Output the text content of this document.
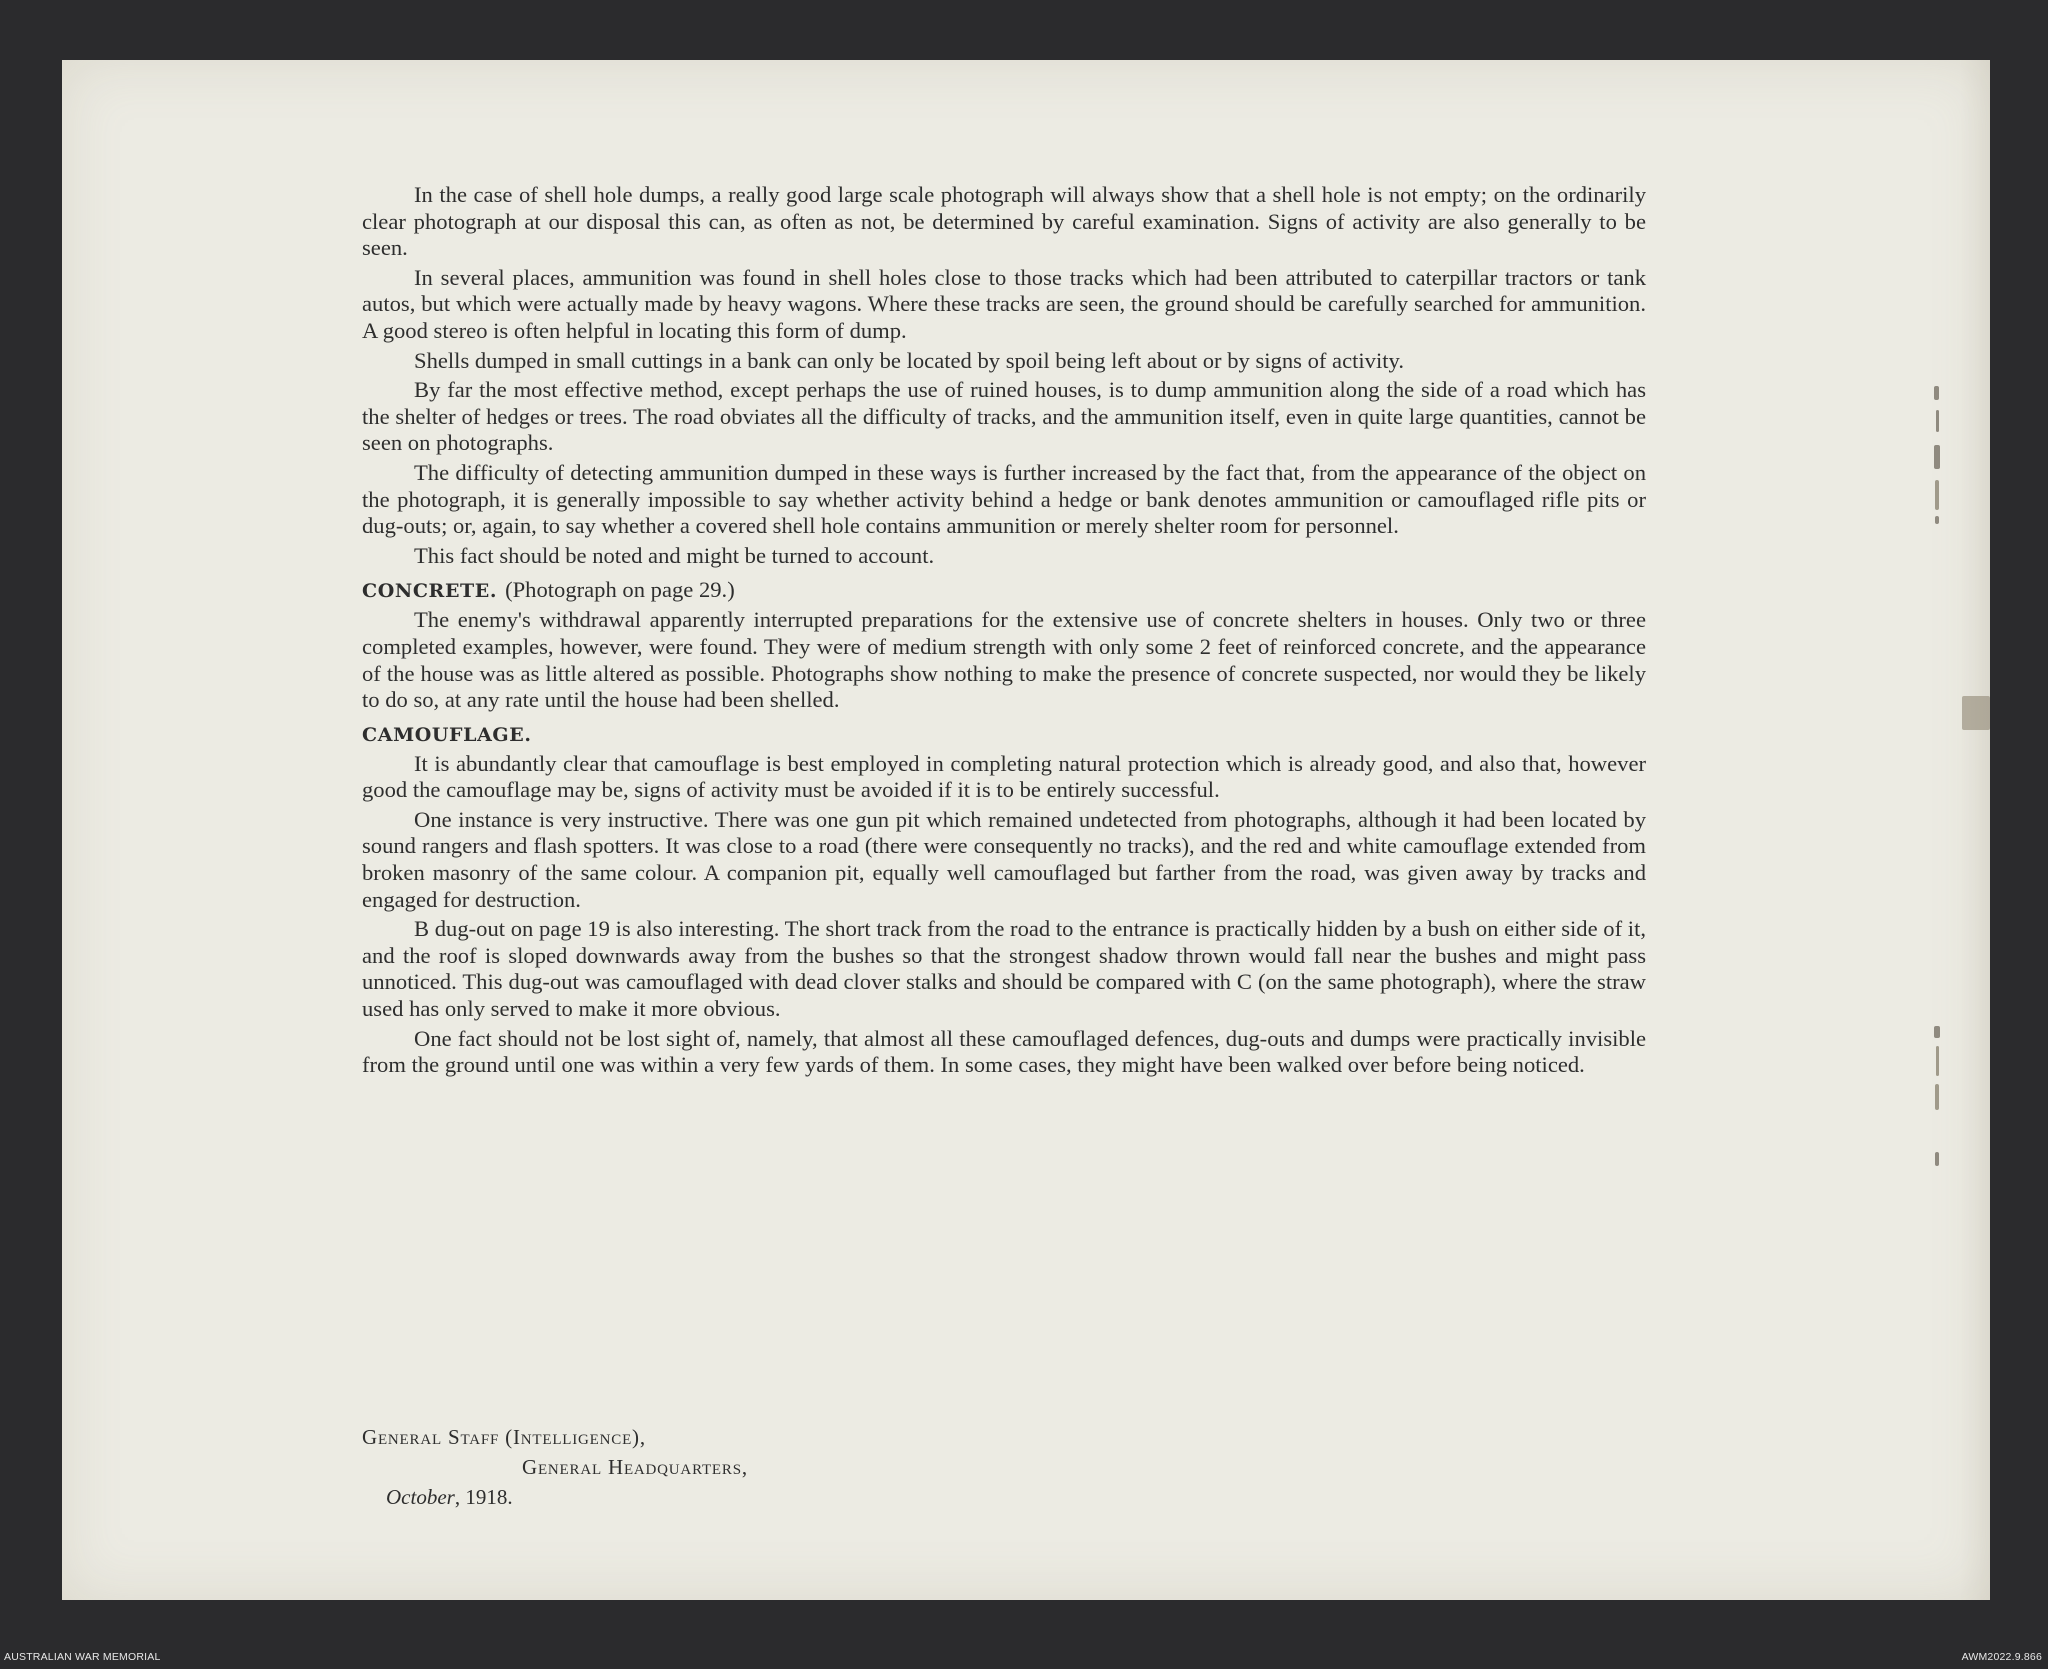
In the case of shell hole dumps, a really good large scale photograph will always show that a shell hole is not empty; on the ordinarily clear photograph at our disposal this can, as often as not, be determined by careful examination. Signs of activity are also generally to be seen.

In several places, ammunition was found in shell holes close to those tracks which had been attributed to caterpillar tractors or tank autos, but which were actually made by heavy wagons. Where these tracks are seen, the ground should be carefully searched for ammunition. A good stereo is often helpful in locating this form of dump.

Shells dumped in small cuttings in a bank can only be located by spoil being left about or by signs of activity.

By far the most effective method, except perhaps the use of ruined houses, is to dump ammunition along the side of a road which has the shelter of hedges or trees. The road obviates all the difficulty of tracks, and the ammunition itself, even in quite large quantities, cannot be seen on photographs.

The difficulty of detecting ammunition dumped in these ways is further increased by the fact that, from the appearance of the object on the photograph, it is generally impossible to say whether activity behind a hedge or bank denotes ammunition or camouflaged rifle pits or dug-outs; or, again, to say whether a covered shell hole contains ammunition or merely shelter room for personnel.

This fact should be noted and might be turned to account.

CONCRETE. (Photograph on page 29.)

The enemy's withdrawal apparently interrupted preparations for the extensive use of concrete shelters in houses. Only two or three completed examples, however, were found. They were of medium strength with only some 2 feet of reinforced concrete, and the appearance of the house was as little altered as possible. Photographs show nothing to make the presence of concrete suspected, nor would they be likely to do so, at any rate until the house had been shelled.

CAMOUFLAGE.

It is abundantly clear that camouflage is best employed in completing natural protection which is already good, and also that, however good the camouflage may be, signs of activity must be avoided if it is to be entirely successful.

One instance is very instructive. There was one gun pit which remained undetected from photographs, although it had been located by sound rangers and flash spotters. It was close to a road (there were consequently no tracks), and the red and white camouflage extended from broken masonry of the same colour. A companion pit, equally well camouflaged but farther from the road, was given away by tracks and engaged for destruction.

B dug-out on page 19 is also interesting. The short track from the road to the entrance is practically hidden by a bush on either side of it, and the roof is sloped downwards away from the bushes so that the strongest shadow thrown would fall near the bushes and might pass unnoticed. This dug-out was camouflaged with dead clover stalks and should be compared with C (on the same photograph), where the straw used has only served to make it more obvious.

One fact should not be lost sight of, namely, that almost all these camouflaged defences, dug-outs and dumps were practically invisible from the ground until one was within a very few yards of them. In some cases, they might have been walked over before being noticed.

General Staff (Intelligence),
General Headquarters,
October, 1918.
AUSTRALIAN WAR MEMORIAL	AWM2022.9.866
